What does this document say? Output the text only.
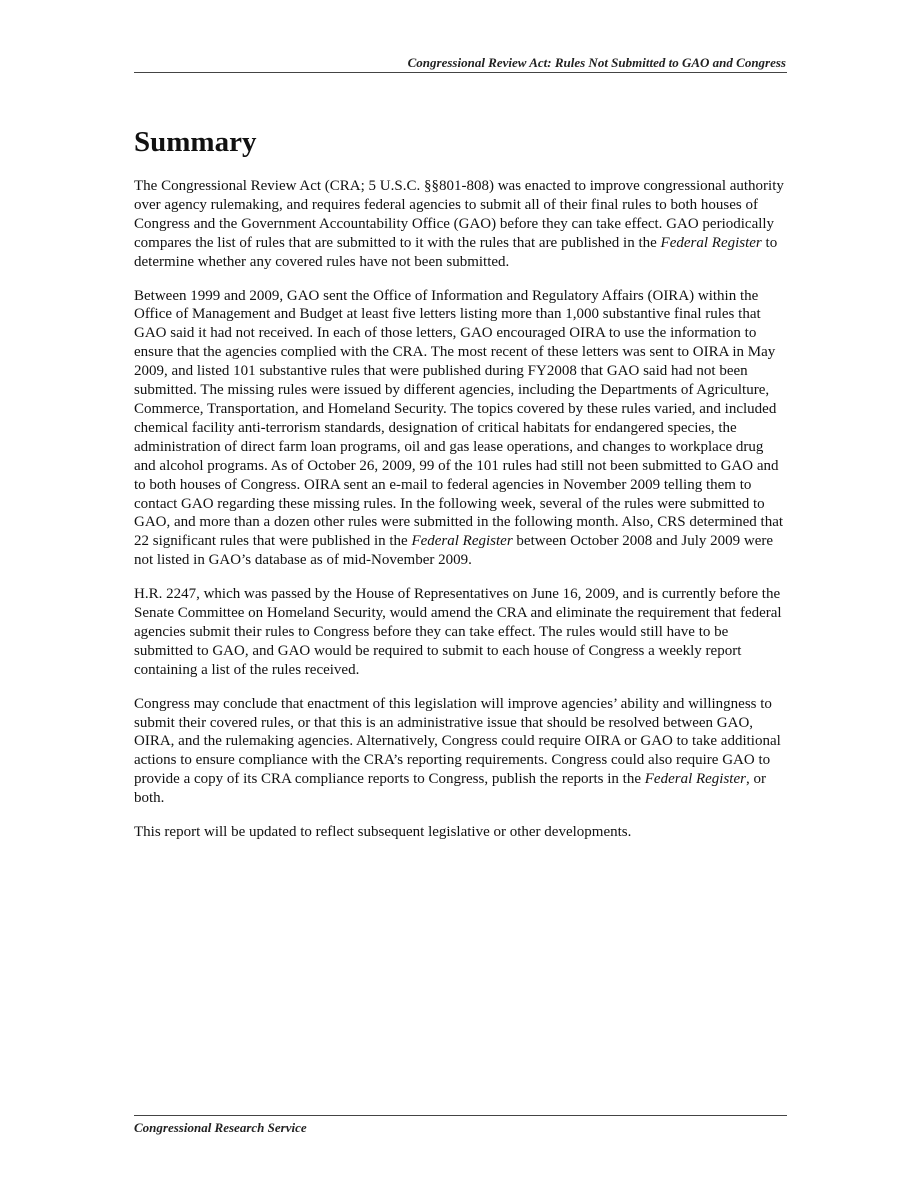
Congressional Review Act: Rules Not Submitted to GAO and Congress
Summary

The Congressional Review Act (CRA; 5 U.S.C. §§801-808) was enacted to improve congressional authority over agency rulemaking, and requires federal agencies to submit all of their final rules to both houses of Congress and the Government Accountability Office (GAO) before they can take effect. GAO periodically compares the list of rules that are submitted to it with the rules that are published in the Federal Register to determine whether any covered rules have not been submitted.

Between 1999 and 2009, GAO sent the Office of Information and Regulatory Affairs (OIRA) within the Office of Management and Budget at least five letters listing more than 1,000 substantive final rules that GAO said it had not received. In each of those letters, GAO encouraged OIRA to use the information to ensure that the agencies complied with the CRA. The most recent of these letters was sent to OIRA in May 2009, and listed 101 substantive rules that were published during FY2008 that GAO said had not been submitted. The missing rules were issued by different agencies, including the Departments of Agriculture, Commerce, Transportation, and Homeland Security. The topics covered by these rules varied, and included chemical facility anti-terrorism standards, designation of critical habitats for endangered species, the administration of direct farm loan programs, oil and gas lease operations, and changes to workplace drug and alcohol programs. As of October 26, 2009, 99 of the 101 rules had still not been submitted to GAO and to both houses of Congress. OIRA sent an e-mail to federal agencies in November 2009 telling them to contact GAO regarding these missing rules. In the following week, several of the rules were submitted to GAO, and more than a dozen other rules were submitted in the following month. Also, CRS determined that 22 significant rules that were published in the Federal Register between October 2008 and July 2009 were not listed in GAO’s database as of mid-November 2009.

H.R. 2247, which was passed by the House of Representatives on June 16, 2009, and is currently before the Senate Committee on Homeland Security, would amend the CRA and eliminate the requirement that federal agencies submit their rules to Congress before they can take effect. The rules would still have to be submitted to GAO, and GAO would be required to submit to each house of Congress a weekly report containing a list of the rules received.

Congress may conclude that enactment of this legislation will improve agencies’ ability and willingness to submit their covered rules, or that this is an administrative issue that should be resolved between GAO, OIRA, and the rulemaking agencies. Alternatively, Congress could require OIRA or GAO to take additional actions to ensure compliance with the CRA’s reporting requirements. Congress could also require GAO to provide a copy of its CRA compliance reports to Congress, publish the reports in the Federal Register, or both.

This report will be updated to reflect subsequent legislative or other developments.

Congressional Research Service
